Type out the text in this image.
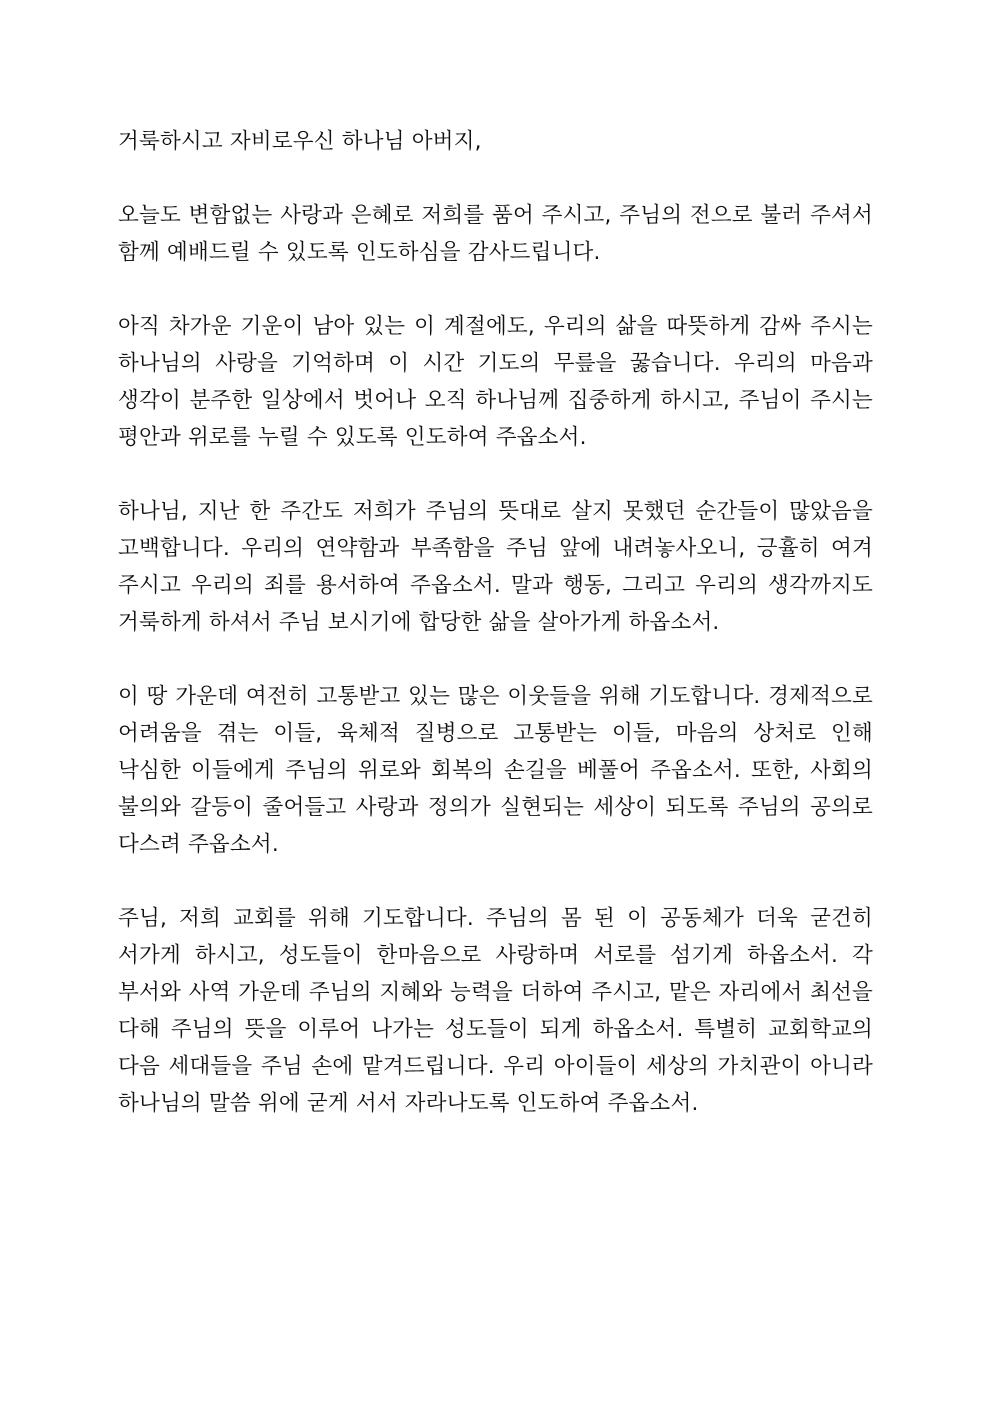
거룩하시고 자비로우신 하나님 아버지,

오늘도 변함없는 사랑과 은혜로 저희를 품어 주시고, 주님의 전으로 불러 주셔서 함께 예배드릴 수 있도록 인도하심을 감사드립니다.

아직 차가운 기운이 남아 있는 이 계절에도, 우리의 삶을 따뜻하게 감싸 주시는 하나님의 사랑을 기억하며 이 시간 기도의 무릎을 꿇습니다. 우리의 마음과 생각이 분주한 일상에서 벗어나 오직 하나님께 집중하게 하시고, 주님이 주시는 평안과 위로를 누릴 수 있도록 인도하여 주옵소서.

하나님, 지난 한 주간도 저희가 주님의 뜻대로 살지 못했던 순간들이 많았음을 고백합니다. 우리의 연약함과 부족함을 주님 앞에 내려놓사오니, 긍휼히 여겨 주시고 우리의 죄를 용서하여 주옵소서. 말과 행동, 그리고 우리의 생각까지도 거룩하게 하셔서 주님 보시기에 합당한 삶을 살아가게 하옵소서.

이 땅 가운데 여전히 고통받고 있는 많은 이웃들을 위해 기도합니다. 경제적으로 어려움을 겪는 이들, 육체적 질병으로 고통받는 이들, 마음의 상처로 인해 낙심한 이들에게 주님의 위로와 회복의 손길을 베풀어 주옵소서. 또한, 사회의 불의와 갈등이 줄어들고 사랑과 정의가 실현되는 세상이 되도록 주님의 공의로 다스려 주옵소서.

주님, 저희 교회를 위해 기도합니다. 주님의 몸 된 이 공동체가 더욱 굳건히 서가게 하시고, 성도들이 한마음으로 사랑하며 서로를 섬기게 하옵소서. 각 부서와 사역 가운데 주님의 지혜와 능력을 더하여 주시고, 맡은 자리에서 최선을 다해 주님의 뜻을 이루어 나가는 성도들이 되게 하옵소서. 특별히 교회학교의 다음 세대들을 주님 손에 맡겨드립니다. 우리 아이들이 세상의 가치관이 아니라 하나님의 말씀 위에 굳게 서서 자라나도록 인도하여 주옵소서.
